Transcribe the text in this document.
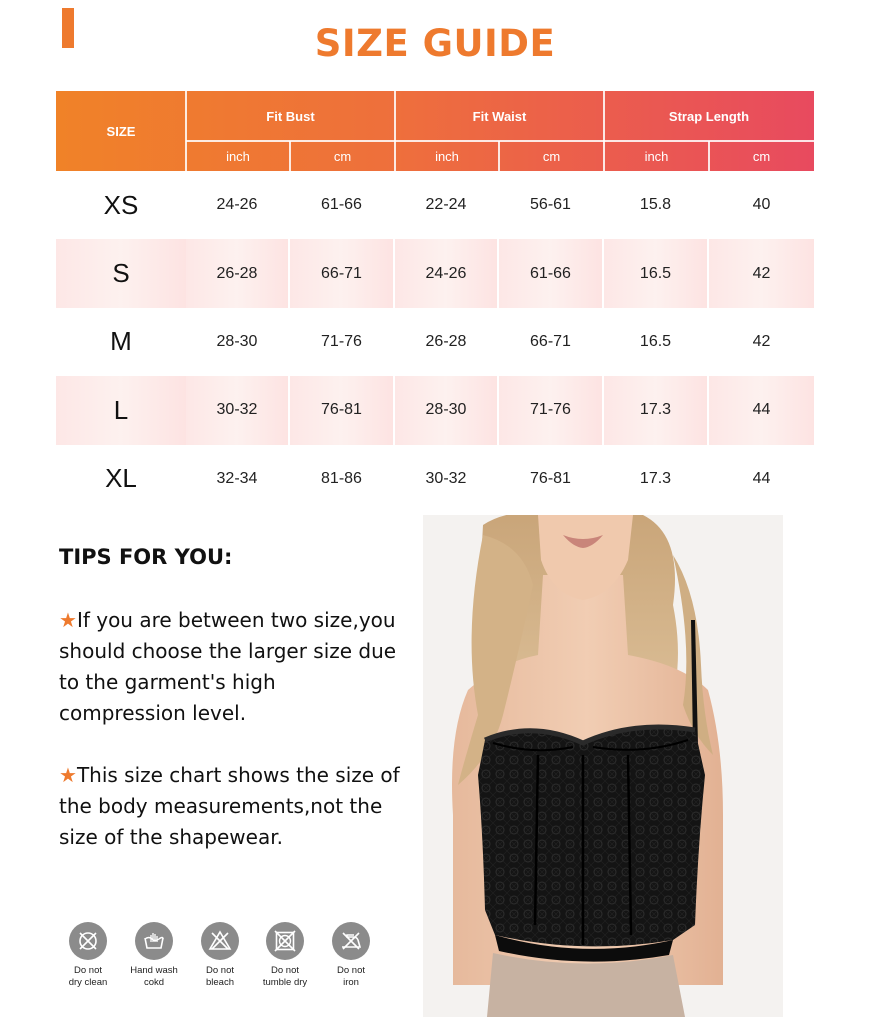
SIZE GUIDE
SIZE
Fit Bust	Fit Waist	Strap Length
inch	cm	inch	cm	inch	cm
XS	24-26	61-66	22-24	56-61	15.8	40
S	26-28	66-71	24-26	61-66	16.5	42
M	28-30	71-76	26-28	66-71	16.5	42
L	30-32	76-81	28-30	71-76	17.3	44
XL	32-34	81-86	30-32	76-81	17.3	44
TIPS FOR YOU:
★If you are between two size,you should choose the larger size due to the garment's high compression level.
★This size chart shows the size of the body measurements,not the size of the shapewear.
Do not
dry clean
Hand wash
cokd
Do not
bleach
Do not
tumble dry
Do not
iron
